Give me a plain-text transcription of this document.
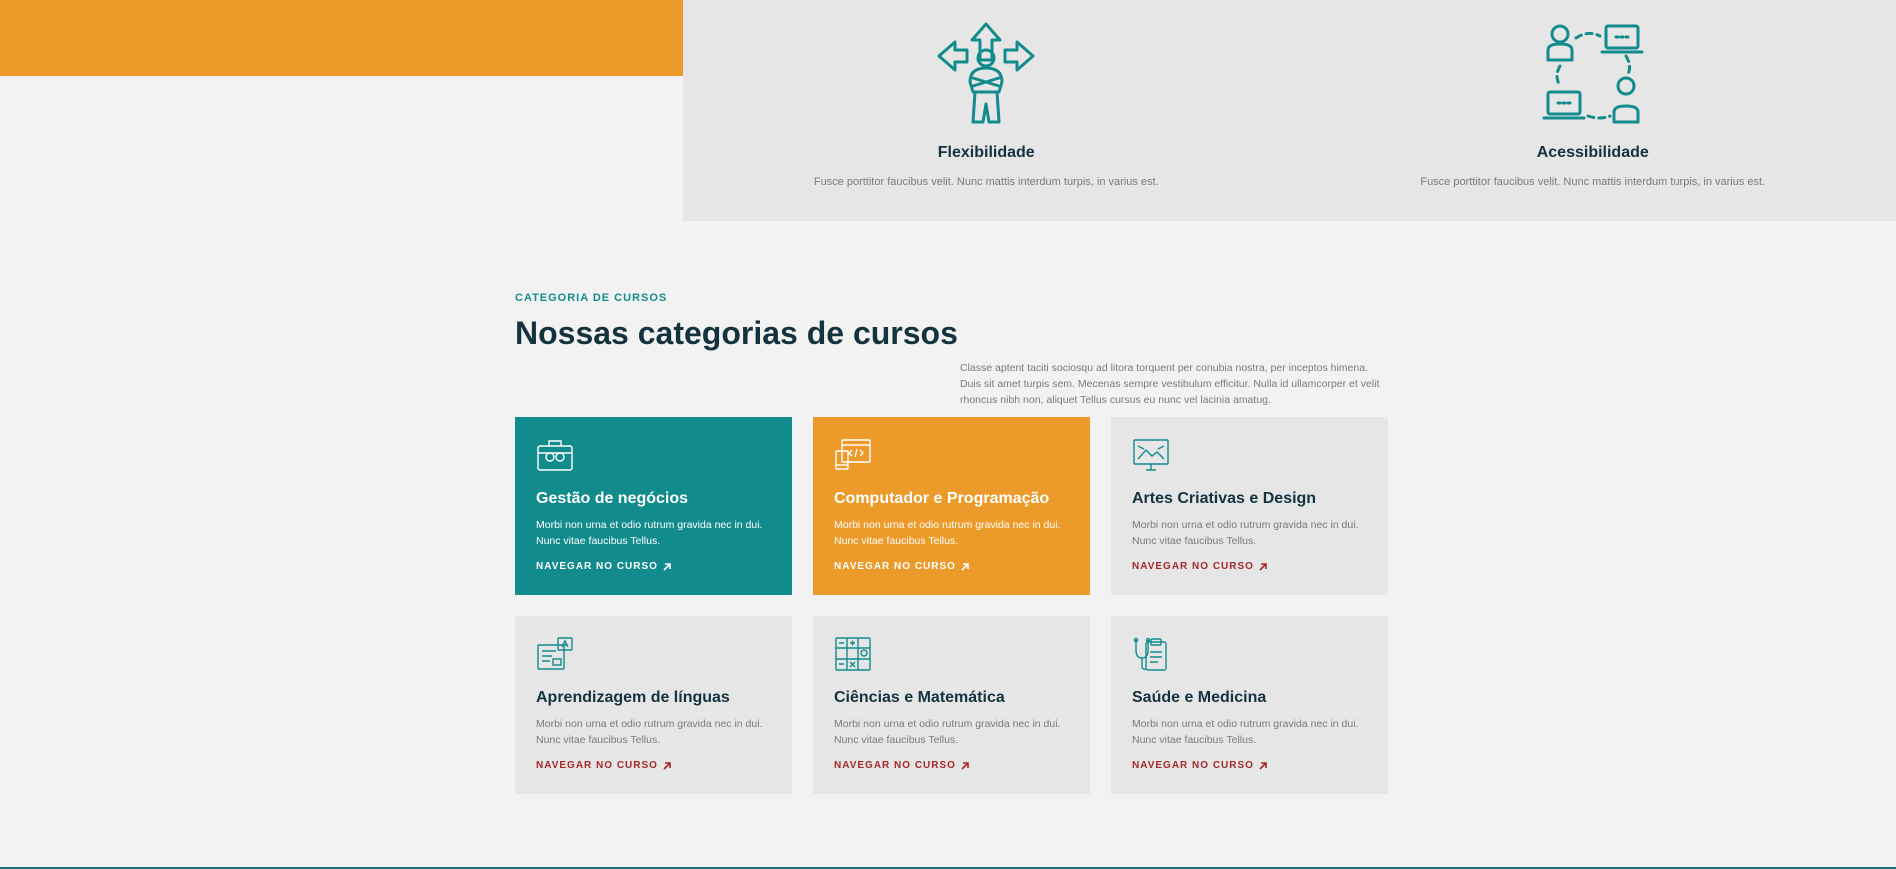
Flexibilidade

Fusce porttitor faucibus velit. Nunc mattis interdum turpis, in varius est.

Acessibilidade

Fusce porttitor faucibus velit. Nunc mattis interdum turpis, in varius est.

CATEGORIA DE CURSOS

Nossas categorias de cursos

Classe aptent taciti sociosqu ad litora torquent per conubia nostra, per inceptos himena. Duis sit amet turpis sem. Mecenas sempre vestibulum efficitur. Nulla id ullamcorper et velit rhoncus nibh non, aliquet Tellus cursus eu nunc vel lacinia amatug.

Gestão de negócios

Morbi non urna et odio rutrum gravida nec in dui. Nunc vitae faucibus Tellus.

NAVEGAR NO CURSO
Computador e Programação

Morbi non urna et odio rutrum gravida nec in dui. Nunc vitae faucibus Tellus.

NAVEGAR NO CURSO
Artes Criativas e Design

Morbi non urna et odio rutrum gravida nec in dui. Nunc vitae faucibus Tellus.

NAVEGAR NO CURSO
Aprendizagem de línguas

Morbi non urna et odio rutrum gravida nec in dui. Nunc vitae faucibus Tellus.

NAVEGAR NO CURSO
Ciências e Matemática

Morbi non urna et odio rutrum gravida nec in dui. Nunc vitae faucibus Tellus.

NAVEGAR NO CURSO
Saúde e Medicina

Morbi non urna et odio rutrum gravida nec in dui. Nunc vitae faucibus Tellus.

NAVEGAR NO CURSO
